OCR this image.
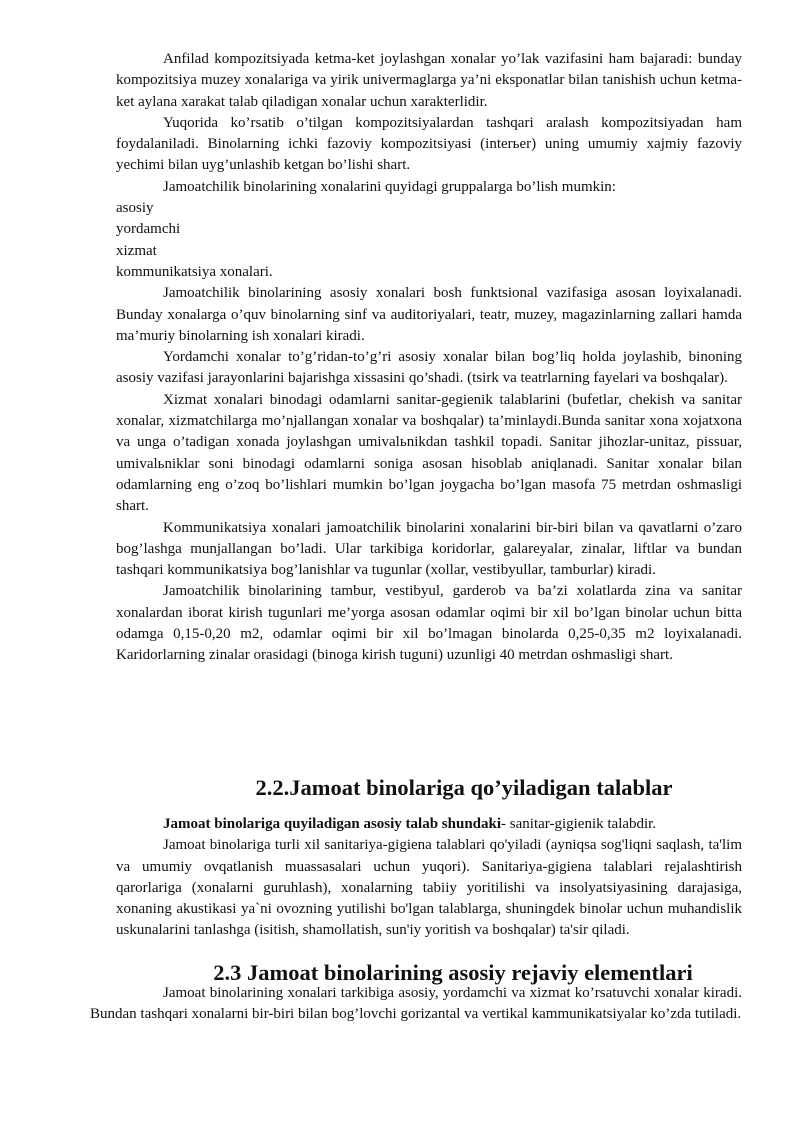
Anfilad kompozitsiyada ketma-ket joylashgan xonalar yo’lak vazifasini ham bajaradi: bunday kompozitsiya muzey xonalariga va yirik univermaglarga ya’ni eksponatlar bilan tanishish uchun ketma-ket aylana xarakat talab qiladigan xonalar uchun xarakterlidir.

Yuqorida ko’rsatib o’tilgan kompozitsiyalardan tashqari aralash kompozitsiyadan ham foydalaniladi. Binolarning ichki fazoviy kompozitsiyasi (interьer) uning umumiy xajmiy fazoviy yechimi bilan uyg’unlashib ketgan bo’lishi shart.

Jamoatchilik binolarining xonalarini quyidagi gruppalarga bo’lish mumkin:

asosiy

yordamchi

xizmat

kommunikatsiya xonalari.

Jamoatchilik binolarining asosiy xonalari bosh funktsional vazifasiga asosan loyixalanadi. Bunday xonalarga o’quv binolarning sinf va auditoriyalari, teatr, muzey, magazinlarning zallari hamda ma’muriy binolarning ish xonalari kiradi.

Yordamchi xonalar to’g’ridan-to’g’ri asosiy xonalar bilan bog’liq holda joylashib, binoning asosiy vazifasi jarayonlarini bajarishga xissasini qo’shadi. (tsirk va teatrlarning fayelari va boshqalar).

Xizmat xonalari binodagi odamlarni sanitar-gegienik talablarini (bufetlar, chekish va sanitar xonalar, xizmatchilarga mo’njallangan xonalar va boshqalar) ta’minlaydi.Bunda sanitar xona xojatxona va unga o’tadigan xonada joylashgan umivalьnikdan tashkil topadi. Sanitar jihozlar-unitaz, pissuar, umivalьniklar soni binodagi odamlarni soniga asosan hisoblab aniqlanadi. Sanitar xonalar bilan odamlarning eng o’zoq bo’lishlari mumkin bo’lgan joygacha bo’lgan masofa 75 metrdan oshmasligi shart.

Kommunikatsiya xonalari jamoatchilik binolarini xonalarini bir-biri bilan va qavatlarni o’zaro bog’lashga munjallangan bo’ladi. Ular tarkibiga koridorlar, galareyalar, zinalar, liftlar va bundan tashqari kommunikatsiya bog’lanishlar va tugunlar (xollar, vestibyullar, tamburlar) kiradi.

Jamoatchilik binolarining tambur, vestibyul, garderob va ba’zi xolatlarda zina va sanitar xonalardan iborat kirish tugunlari me’yorga asosan odamlar oqimi bir xil bo’lgan binolar uchun bitta odamga 0,15-0,20 m2, odamlar oqimi bir xil bo’lmagan binolarda 0,25-0,35 m2 loyixalanadi. Karidorlarning zinalar orasidagi (binoga kirish tuguni) uzunligi 40 metrdan oshmasligi shart.

2.2.Jamoat binolariga qo’yiladigan talablar

Jamoat binolariga quyiladigan asosiy talab shundaki- sanitar-gigienik talabdir.

Jamoat binolariga turli xil sanitariya-gigiena talablari qo'yiladi (ayniqsa sog'liqni saqlash, ta'lim va umumiy ovqatlanish muassasalari uchun yuqori). Sanitariya-gigiena talablari rejalashtirish qarorlariga (xonalarni guruhlash), xonalarning tabiiy yoritilishi va insolyatsiyasining darajasiga, xonaning akustikasi ya`ni ovozning yutilishi bo'lgan talablarga, shuningdek binolar uchun muhandislik uskunalarini tanlashga (isitish, shamollatish, sun'iy yoritish va boshqalar) ta'sir qiladi.

2.3 Jamoat binolarining asosiy rejaviy elementlari

Jamoat binolarining xonalari tarkibiga asosiy, yordamchi va xizmat ko’rsatuvchi xonalar kiradi. Bundan tashqari xonalarni bir-biri bilan bog’lovchi gorizantal va vertikal kammunikatsiyalar ko’zda tutiladi.
